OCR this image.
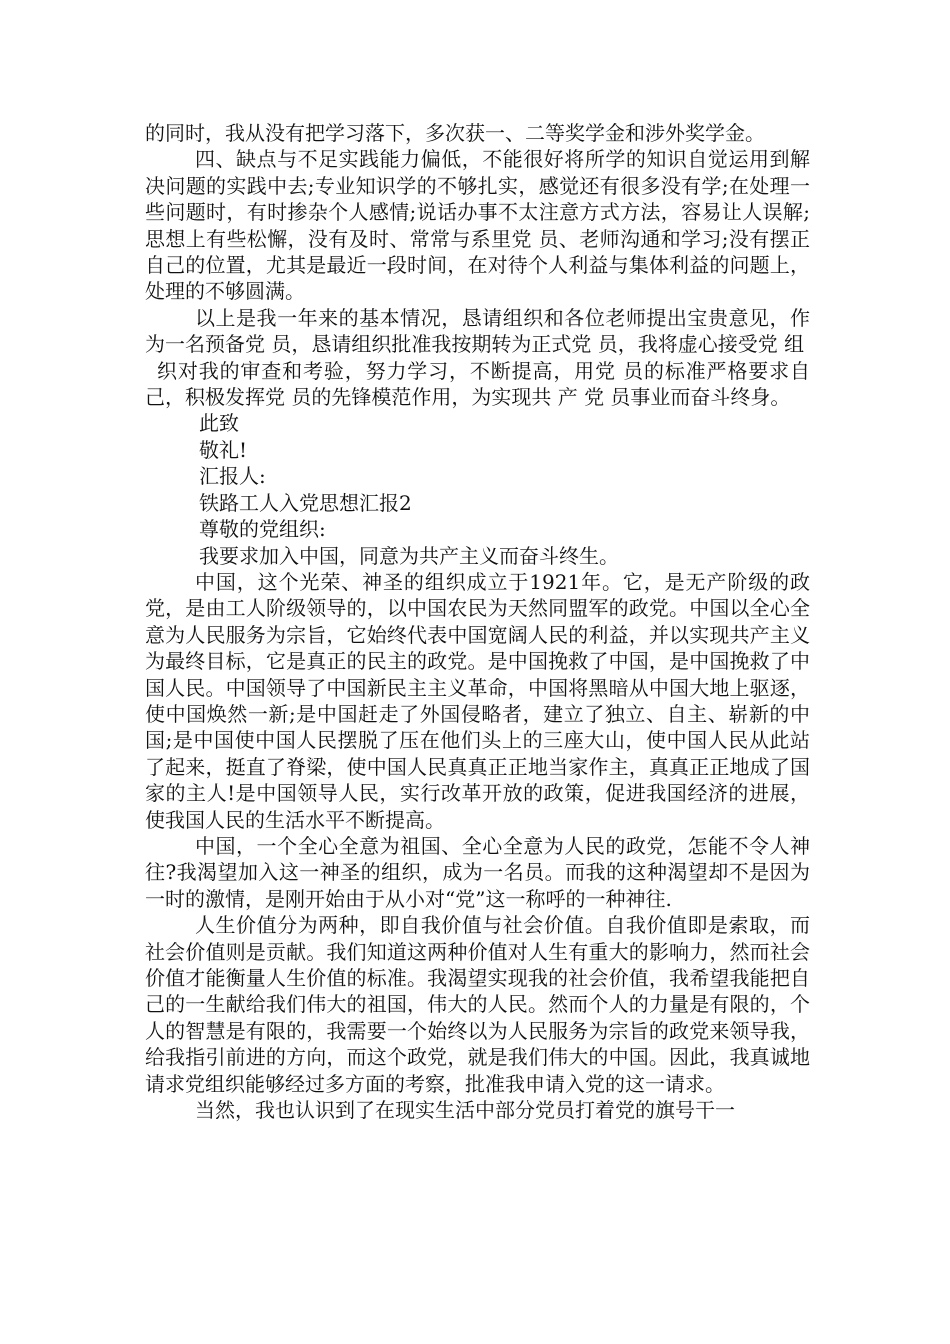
的同时，我从没有把学习落下，多次获一、二等奖学金和涉外奖学金。

四、缺点与不足实践能力偏低，不能很好将所学的知识自觉运用到解决问题的实践中去;专业知识学的不够扎实，感觉还有很多没有学;在处理一些问题时，有时掺杂个人感情;说话办事不太注意方式方法，容易让人误解;思想上有些松懈，没有及时、常常与系里党 员、老师沟通和学习;没有摆正自己的位置，尤其是最近一段时间，在对待个人利益与集体利益的问题上，处理的不够圆满。

以上是我一年来的基本情况，恳请组织和各位老师提出宝贵意见，作为一名预备党 员，恳请组织批准我按期转为正式党 员，我将虚心接受党 组

织对我的审查和考验，努力学习，不断提高，用党 员的标准严格要求自己，积极发挥党 员的先锋模范作用，为实现共 产 党 员事业而奋斗终身。

此致

敬礼!

汇报人:

铁路工人入党思想汇报2

尊敬的党组织:

我要求加入中国，同意为共产主义而奋斗终生。

中国，这个光荣、神圣的组织成立于1921年。它，是无产阶级的政党，是由工人阶级领导的，以中国农民为天然同盟军的政党。中国以全心全意为人民服务为宗旨，它始终代表中国宽阔人民的利益，并以实现共产主义为最终目标，它是真正的民主的政党。是中国挽救了中国，是中国挽救了中国人民。中国领导了中国新民主主义革命，中国将黑暗从中国大地上驱逐，使中国焕然一新;是中国赶走了外国侵略者，建立了独立、自主、崭新的中国;是中国使中国人民摆脱了压在他们头上的三座大山，使中国人民从此站了起来，挺直了脊梁，使中国人民真真正正地当家作主，真真正正地成了国家的主人!是中国领导人民，实行改革开放的政策，促进我国经济的进展，使我国人民的生活水平不断提高。

中国，一个全心全意为祖国、全心全意为人民的政党，怎能不令人神往?我渴望加入这一神圣的组织，成为一名员。而我的这种渴望却不是因为一时的激情，是刚开始由于从小对“党”这一称呼的一种神往.

人生价值分为两种，即自我价值与社会价值。自我价值即是索取，而社会价值则是贡献。我们知道这两种价值对人生有重大的影响力，然而社会价值才能衡量人生价值的标准。我渴望实现我的社会价值，我希望我能把自己的一生献给我们伟大的祖国，伟大的人民。然而个人的力量是有限的，个人的智慧是有限的，我需要一个始终以为人民服务为宗旨的政党来领导我，给我指引前进的方向，而这个政党，就是我们伟大的中国。因此，我真诚地请求党组织能够经过多方面的考察，批准我申请入党的这一请求。

当然，我也认识到了在现实生活中部分党员打着党的旗号干一
